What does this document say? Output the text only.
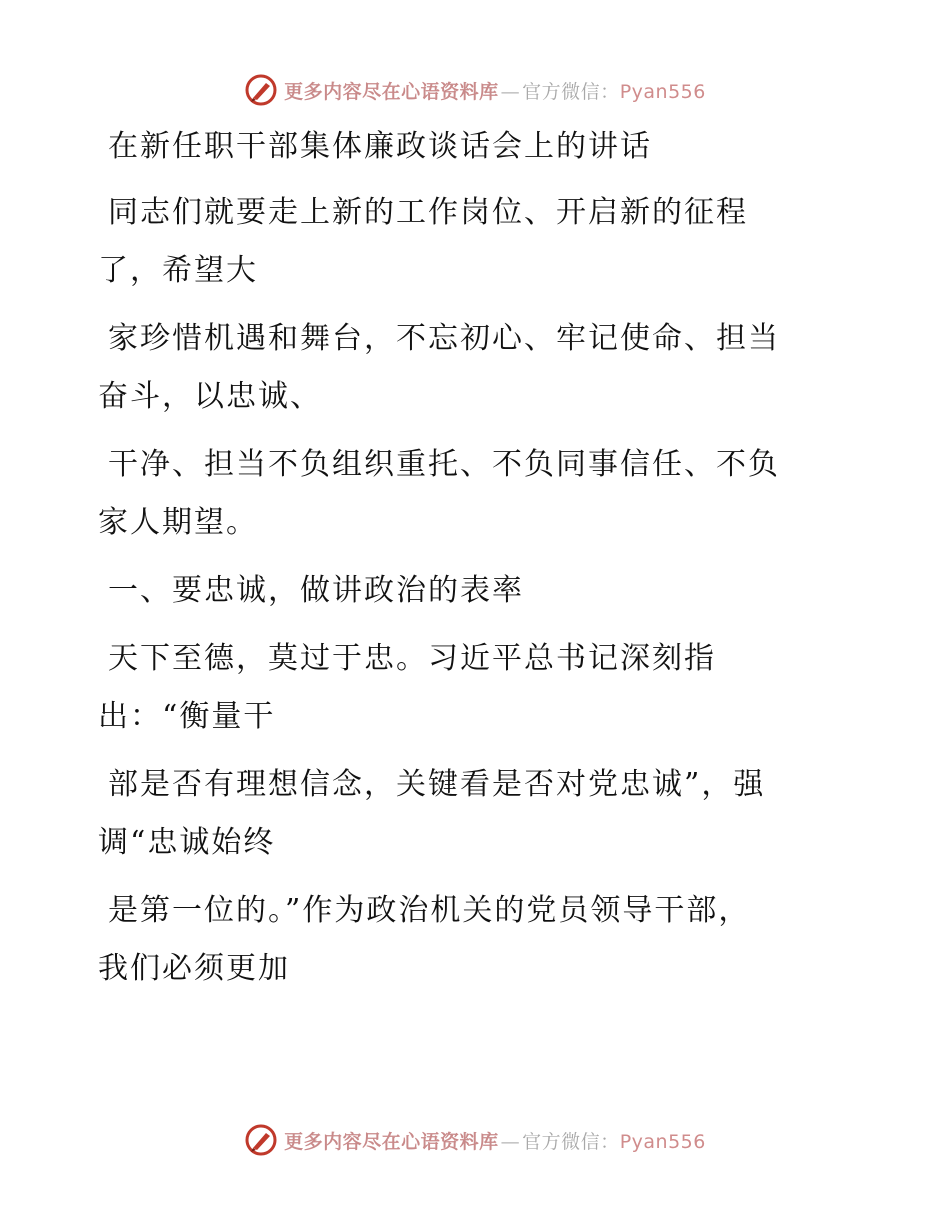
更多内容尽在心语资料库 — 官方微信：Pyan556
在新任职干部集体廉政谈话会上的讲话
同志们就要走上新的工作岗位、开启新的征程
了，希望大
家珍惜机遇和舞台，不忘初心、牢记使命、担当
奋斗，以忠诚、
干净、担当不负组织重托、不负同事信任、不负
家人期望。
一、要忠诚，做讲政治的表率
天下至德，莫过于忠。习近平总书记深刻指
出：“衡量干
部是否有理想信念，关键看是否对党忠诚”，强
调“忠诚始终
是第一位的。”作为政治机关的党员领导干部，
我们必须更加
更多内容尽在心语资料库 — 官方微信：Pyan556
